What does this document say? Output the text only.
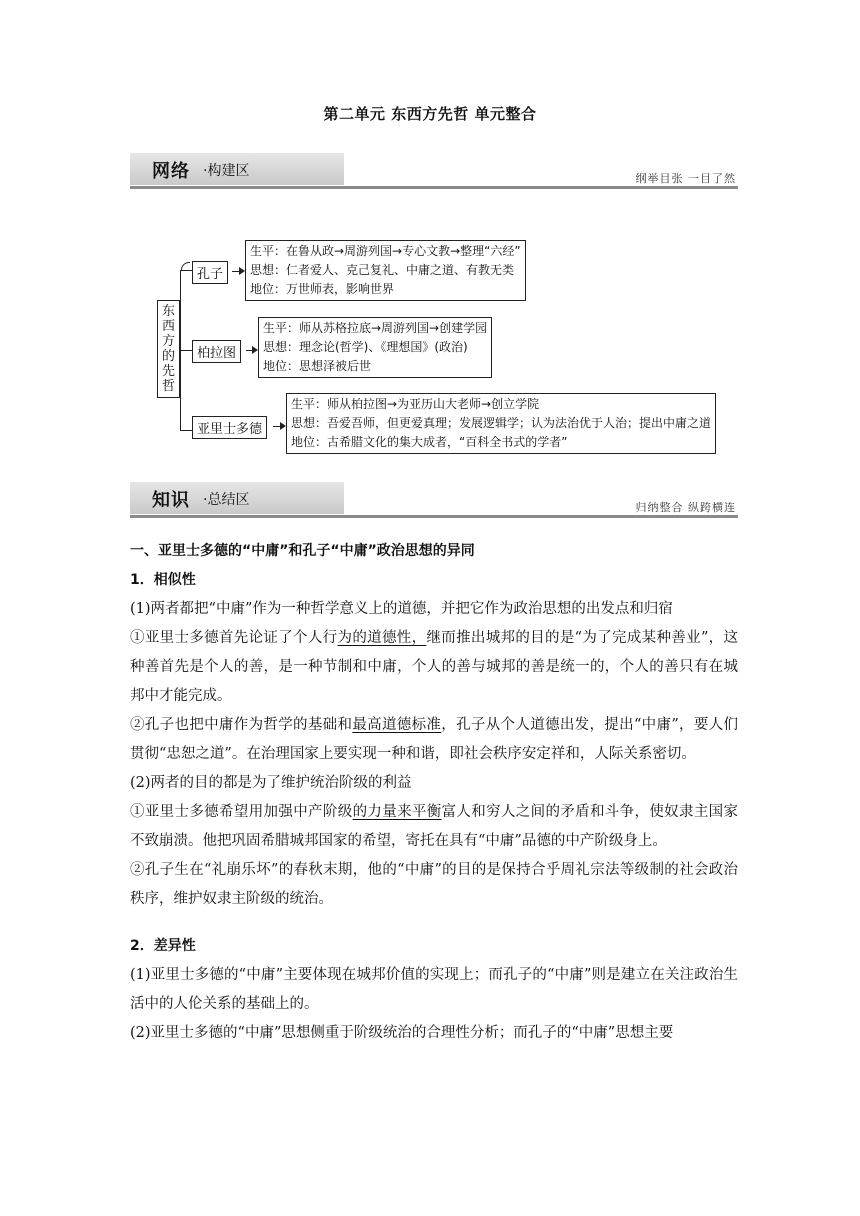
第二单元 东西方先哲 单元整合
网络 ·构建区	纲举目张 一目了然
东
西
方
的
先
哲
孔子
生平：在鲁从政→周游列国→专心文教→整理“六经”
思想：仁者爱人、克己复礼、中庸之道、有教无类
地位：万世师表，影响世界
柏拉图
生平：师从苏格拉底→周游列国→创建学园
思想：理念论(哲学)、《理想国》(政治)
地位：思想泽被后世
亚里士多德
生平：师从柏拉图→为亚历山大老师→创立学院
思想：吾爱吾师，但更爱真理；发展逻辑学；认为法治优于人治；提出中庸之道
地位：古希腊文化的集大成者，“百科全书式的学者”
知识 ·总结区	归纳整合 纵跨横连

一、亚里士多德的“中庸”和孔子“中庸”政治思想的异同

1．相似性

(1)两者都把“中庸”作为一种哲学意义上的道德，并把它作为政治思想的出发点和归宿

①亚里士多德首先论证了个人行为的道德性，继而推出城邦的目的是“为了完成某种善业”，这种善首先是个人的善，是一种节制和中庸，个人的善与城邦的善是统一的，个人的善只有在城邦中才能完成。

②孔子也把中庸作为哲学的基础和最高道德标准，孔子从个人道德出发，提出“中庸”，要人们贯彻“忠恕之道”。在治理国家上要实现一种和谐，即社会秩序安定祥和，人际关系密切。

(2)两者的目的都是为了维护统治阶级的利益

①亚里士多德希望用加强中产阶级的力量来平衡富人和穷人之间的矛盾和斗争，使奴隶主国家不致崩溃。他把巩固希腊城邦国家的希望，寄托在具有“中庸”品德的中产阶级身上。

②孔子生在“礼崩乐坏”的春秋末期，他的“中庸”的目的是保持合乎周礼宗法等级制的社会政治秩序，维护奴隶主阶级的统治。

2．差异性

(1)亚里士多德的“中庸”主要体现在城邦价值的实现上；而孔子的“中庸”则是建立在关注政治生活中的人伦关系的基础上的。

(2)亚里士多德的“中庸”思想侧重于阶级统治的合理性分析；而孔子的“中庸”思想主要
